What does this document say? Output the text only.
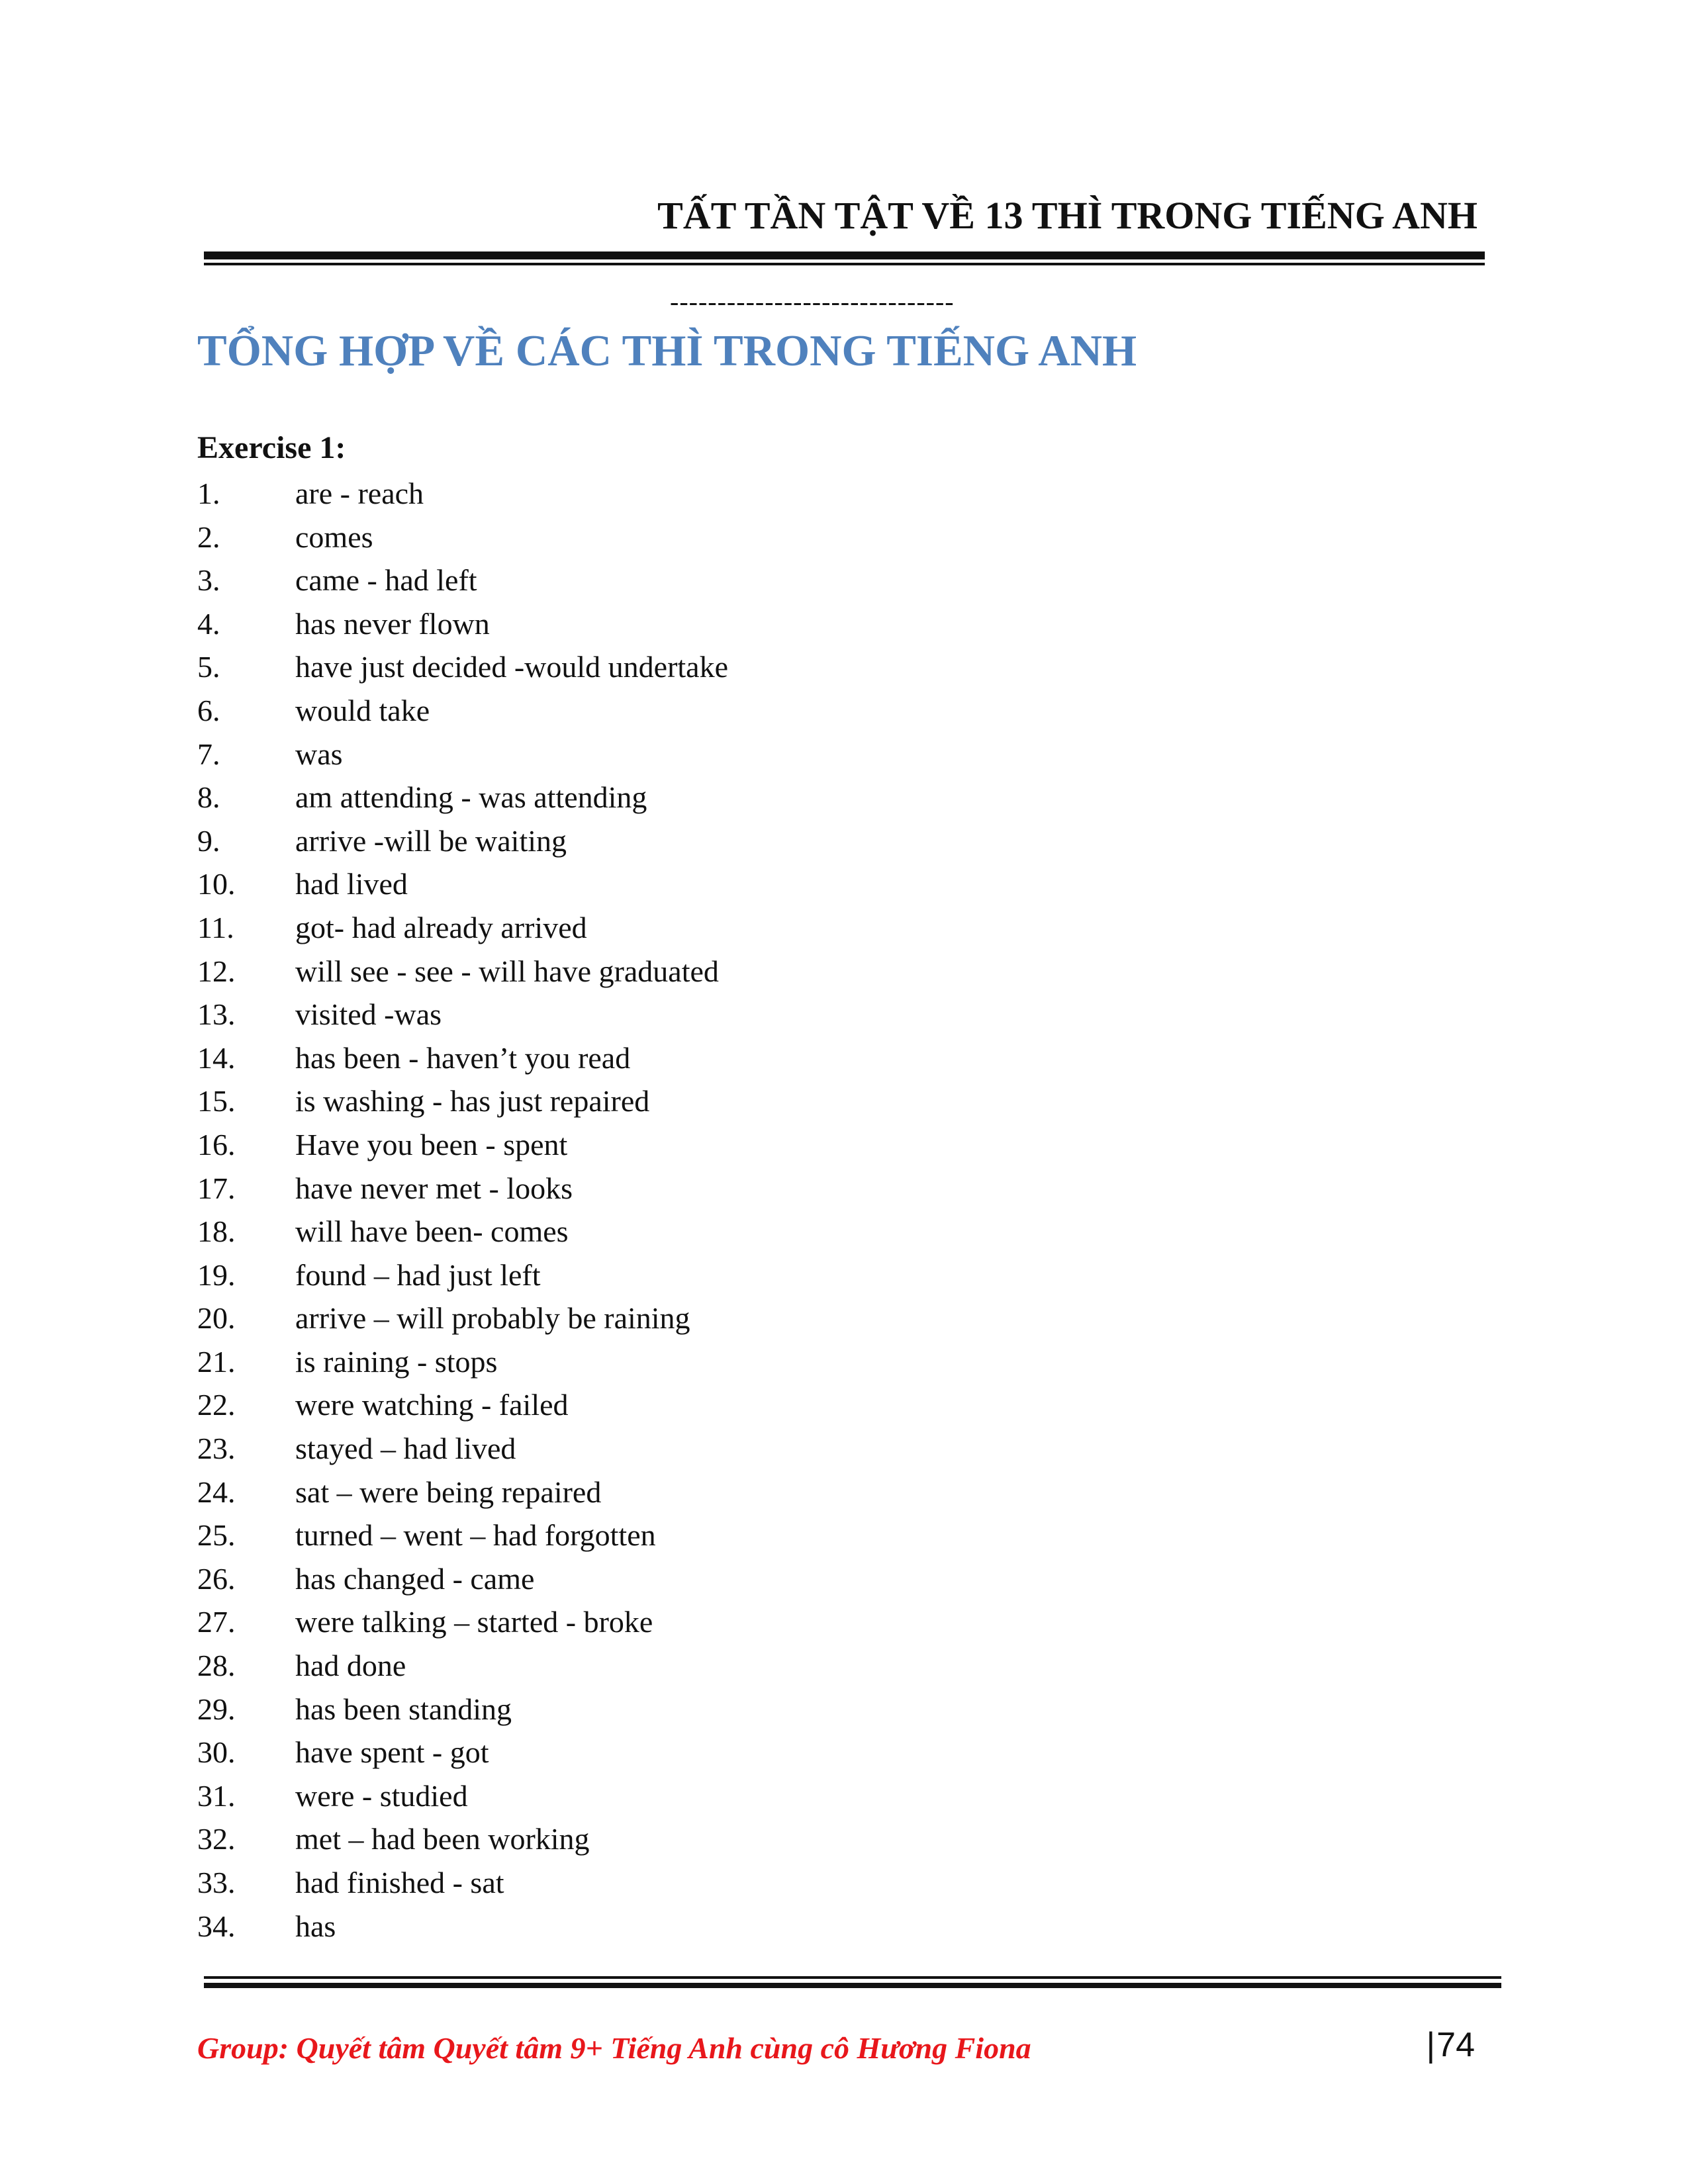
TẤT TẦN TẬT VỀ 13 THÌ TRONG TIẾNG ANH
------------------------------
TỔNG HỢP VỀ CÁC THÌ TRONG TIẾNG ANH
Exercise 1:
1.	are - reach
2.	comes
3.	came - had left
4.	has never flown
5.	have just decided -would undertake
6.	would take
7.	was
8.	am attending - was attending
9.	arrive -will be waiting
10.	had lived
11.	got- had already arrived
12.	will see - see - will have graduated
13.	visited -was
14.	has been - haven’t you read
15.	is washing - has just repaired
16.	Have you been - spent
17.	have never met - looks
18.	will have been- comes
19.	found – had just left
20.	arrive – will probably be raining
21.	is raining - stops
22.	were watching - failed
23.	stayed – had lived
24.	sat – were being repaired
25.	turned – went – had forgotten
26.	has changed - came
27.	were talking – started - broke
28.	had done
29.	has been standing
30.	have spent - got
31.	were - studied
32.	met – had been working
33.	had finished - sat
34.	has
Group: Quyết tâm Quyết tâm 9+ Tiếng Anh cùng cô Hương Fiona	|74
